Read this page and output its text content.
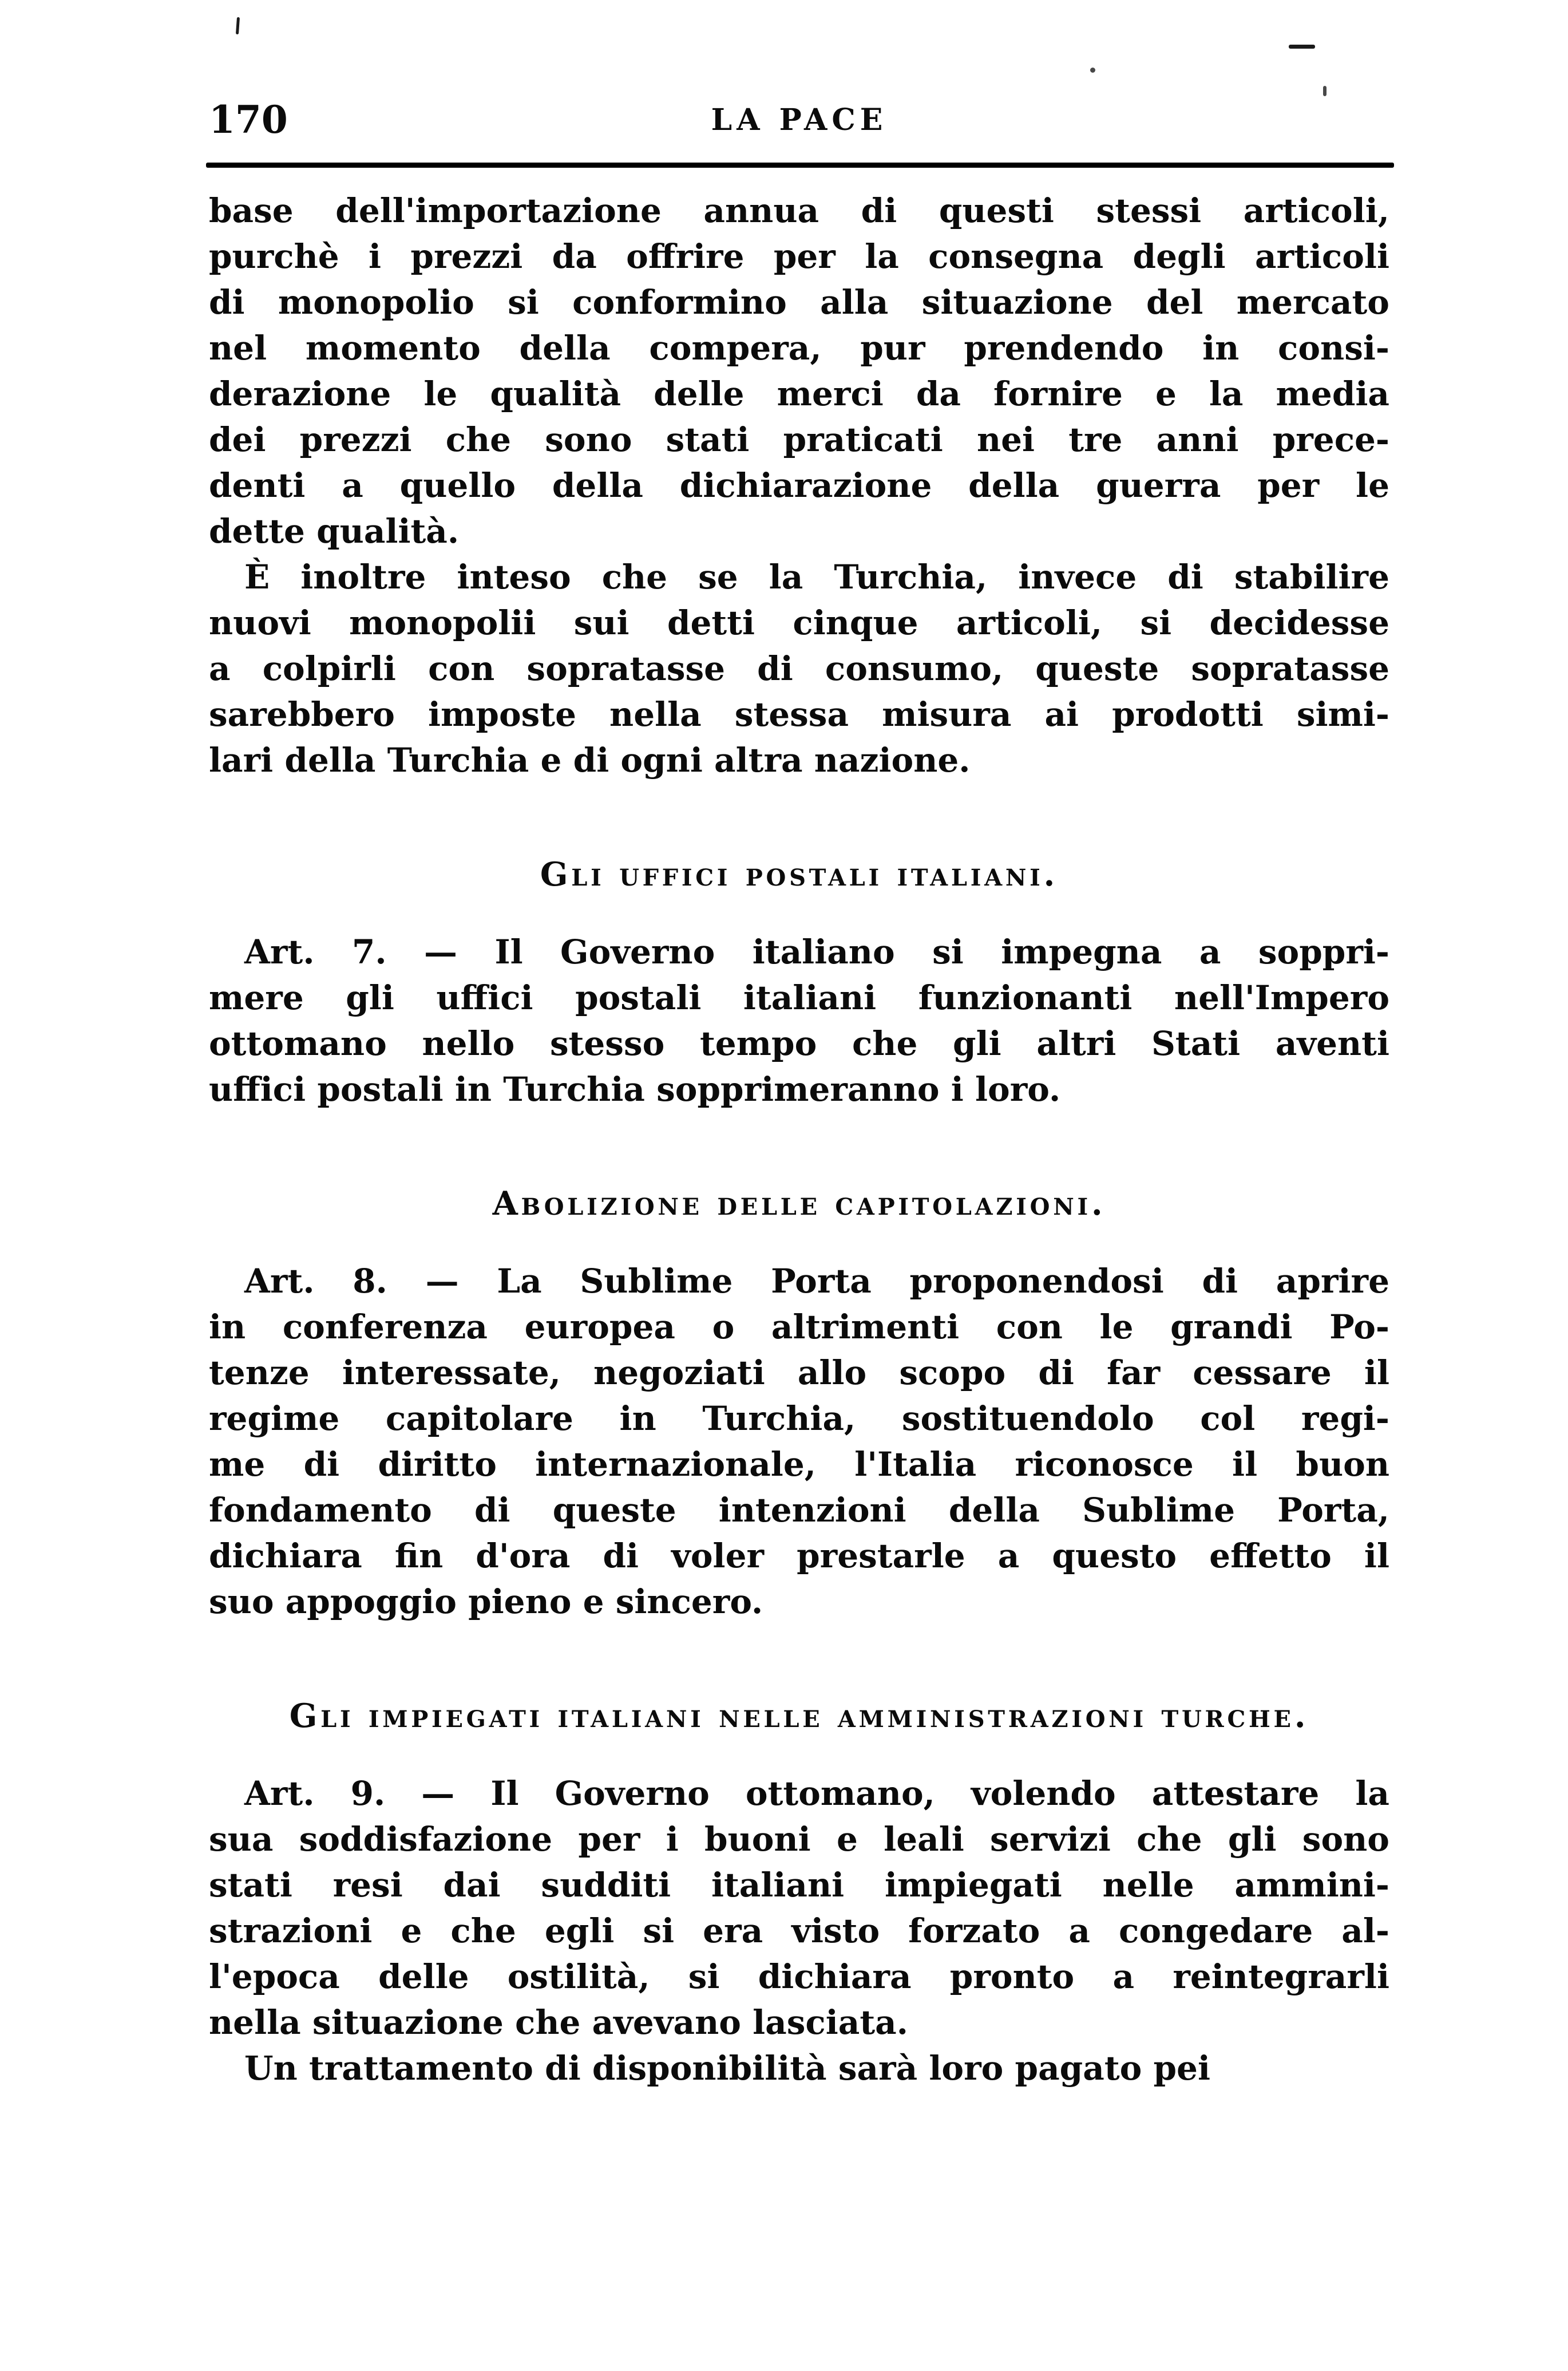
170	LA PACE
base dell'importazione annua di questi stessi articoli,
purchè i prezzi da offrire per la consegna degli articoli
di monopolio si conformino alla situazione del mercato
nel momento della compera, pur prendendo in consi-
derazione le qualità delle merci da fornire e la media
dei prezzi che sono stati praticati nei tre anni prece-
denti a quello della dichiarazione della guerra per le
dette qualità.
È inoltre inteso che se la Turchia, invece di stabilire
nuovi monopolii sui detti cinque articoli, si decidesse
a colpirli con sopratasse di consumo, queste sopratasse
sarebbero imposte nella stessa misura ai prodotti simi-
lari della Turchia e di ogni altra nazione.
Gli uffici postali italiani.
Art. 7. — Il Governo italiano si impegna a soppri-
mere gli uffici postali italiani funzionanti nell'Impero
ottomano nello stesso tempo che gli altri Stati aventi
uffici postali in Turchia sopprimeranno i loro.
Abolizione delle capitolazioni.
Art. 8. — La Sublime Porta proponendosi di aprire
in conferenza europea o altrimenti con le grandi Po-
tenze interessate, negoziati allo scopo di far cessare il
regime capitolare in Turchia, sostituendolo col regi-
me di diritto internazionale, l'Italia riconosce il buon
fondamento di queste intenzioni della Sublime Porta,
dichiara fin d'ora di voler prestarle a questo effetto il
suo appoggio pieno e sincero.
Gli impiegati italiani nelle amministrazioni turche.
Art. 9. — Il Governo ottomano, volendo attestare la
sua soddisfazione per i buoni e leali servizi che gli sono
stati resi dai sudditi italiani impiegati nelle ammini-
strazioni e che egli si era visto forzato a congedare al-
l'epoca delle ostilità, si dichiara pronto a reintegrarli
nella situazione che avevano lasciata.
Un trattamento di disponibilità sarà loro pagato pei
